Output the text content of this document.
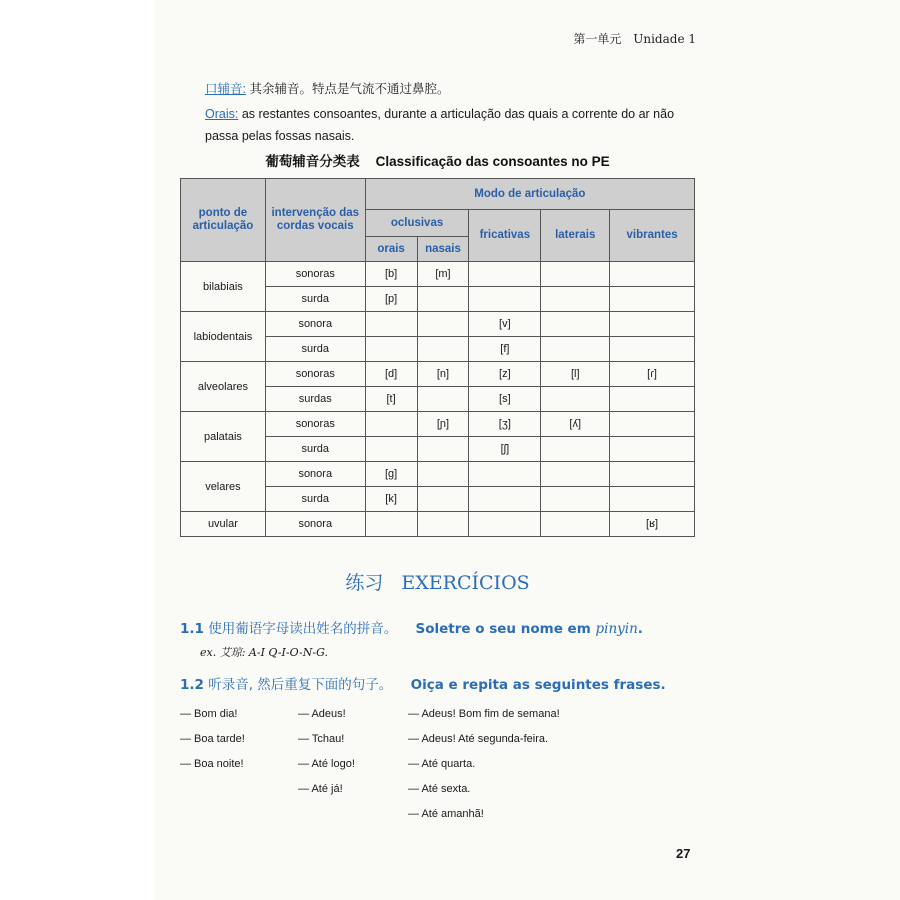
第一单元 Unidade 1

口辅音: 其余辅音。特点是气流不通过鼻腔。

Orais: as restantes consoantes, durante a articulação das quais a corrente do ar não passa pelas fossas nasais.

葡萄辅音分类表 Classificação das consoantes no PE
ponto de articulação	intervenção das cordas vocais	Modo de articulação				
		oclusivas		fricativas	laterais	vibrantes
		orais	nasais			
bilabiais	sonoras	[b]	[m]			
	surda	[p]				
labiodentais	sonora			[v]		
	surda			[f]		
alveolares	sonoras	[d]	[n]	[z]	[l]	[ɾ]
	surdas	[t]		[s]		
palatais	sonoras		[ɲ]	[ʒ]	[ʎ]	
	surda			[ʃ]		
velares	sonora	[g]				
	surda	[k]				
uvular	sonora					[ʁ]
练习 EXERCÍCIOS
1.1 使用葡语字母读出姓名的拼音。 Soletre o seu nome em pinyin.
ex. 艾琼: A-I Q-I-O-N-G.
1.2 听录音, 然后重复下面的句子。 Oiça e repita as seguintes frases.
— Bom dia!
— Boa tarde!
— Boa noite!
— Adeus!
— Tchau!
— Até logo!
— Até já!
— Adeus! Bom fim de semana!
— Adeus! Até segunda-feira.
— Até quarta.
— Até sexta.
— Até amanhã!
27
